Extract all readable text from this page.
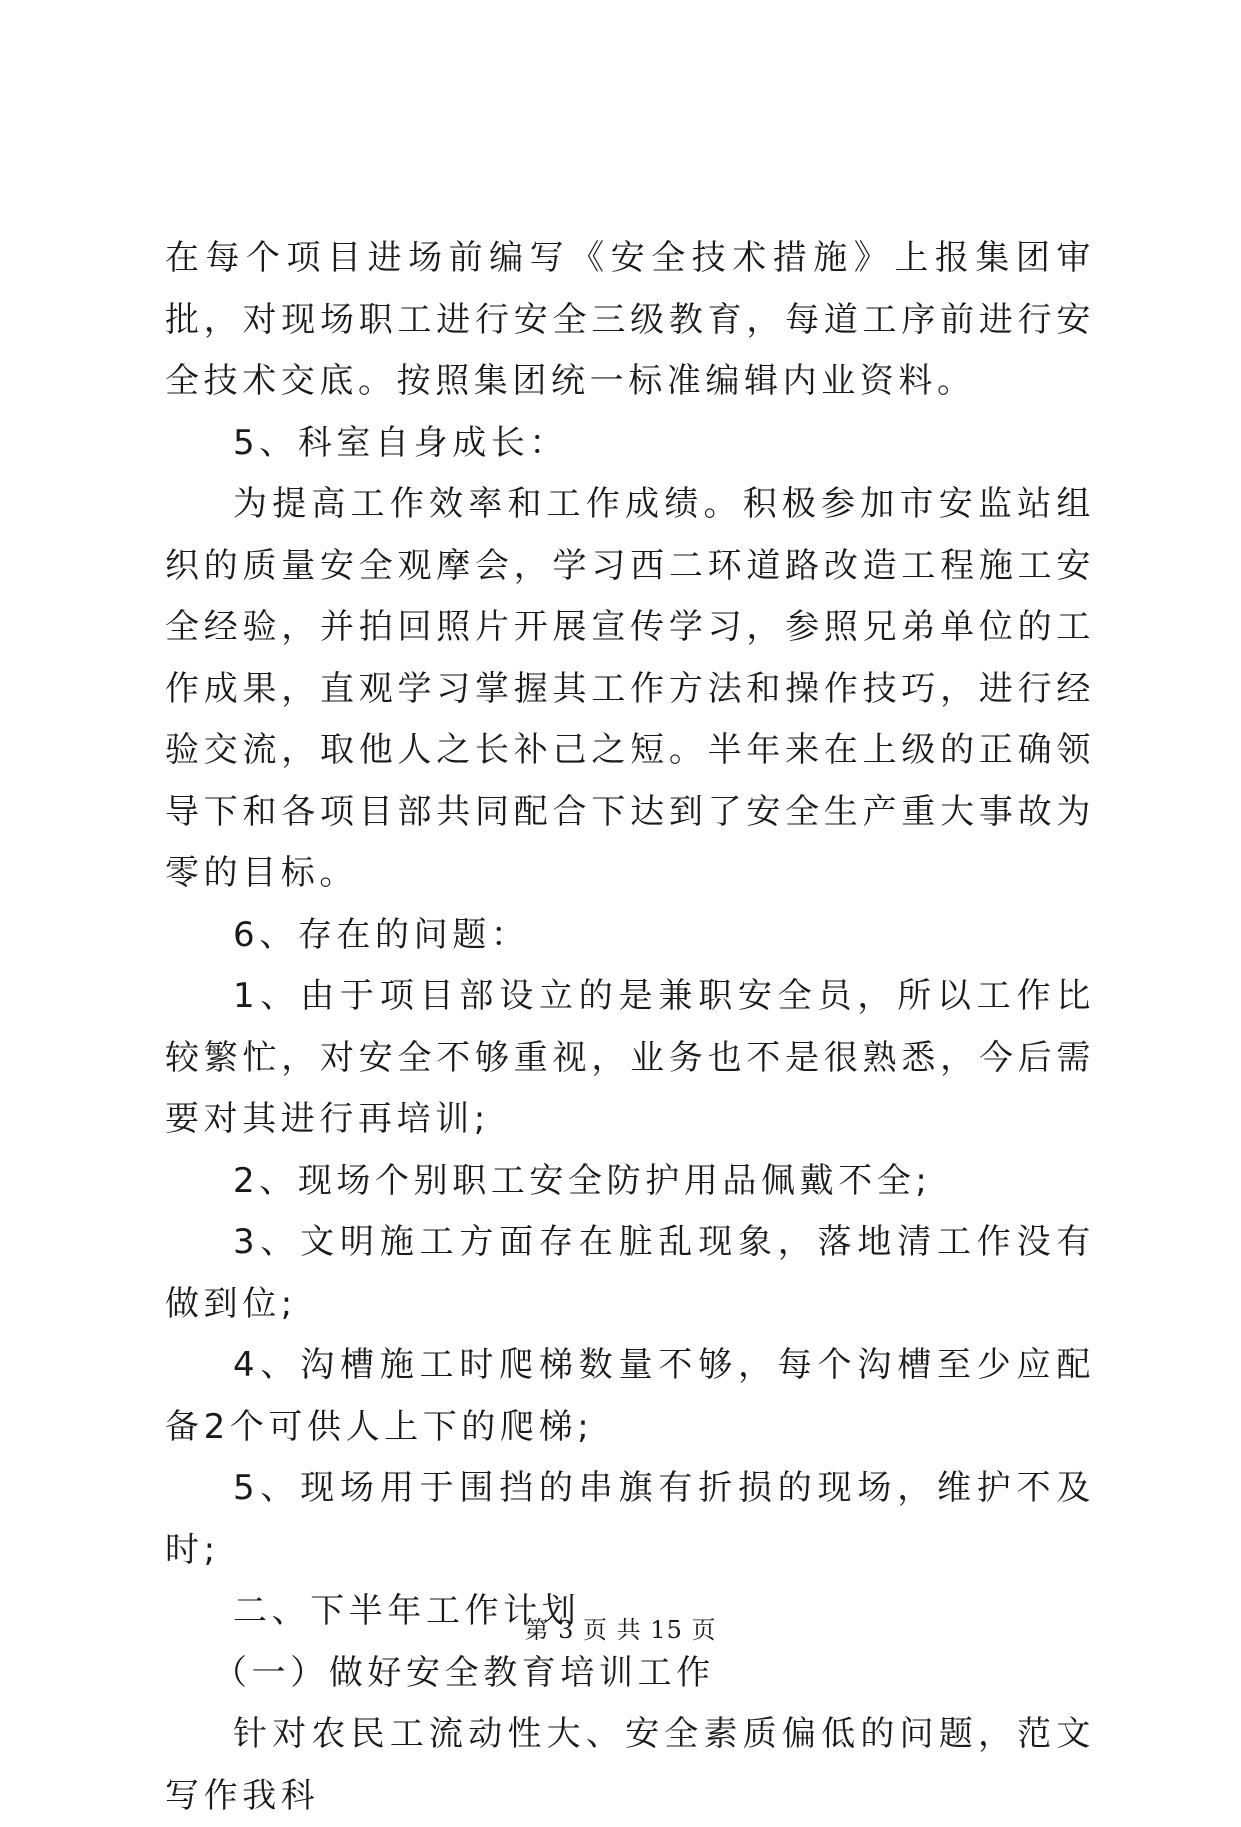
在每个项目进场前编写《安全技术措施》上报集团审批，对现场职工进行安全三级教育，每道工序前进行安全技术交底。按照集团统一标准编辑内业资料。

5、科室自身成长：

为提高工作效率和工作成绩。积极参加市安监站组织的质量安全观摩会，学习西二环道路改造工程施工安全经验，并拍回照片开展宣传学习，参照兄弟单位的工作成果，直观学习掌握其工作方法和操作技巧，进行经验交流，取他人之长补己之短。半年来在上级的正确领导下和各项目部共同配合下达到了安全生产重大事故为零的目标。

6、存在的问题：

1、由于项目部设立的是兼职安全员，所以工作比较繁忙，对安全不够重视，业务也不是很熟悉，今后需要对其进行再培训;

2、现场个别职工安全防护用品佩戴不全;

3、文明施工方面存在脏乱现象，落地清工作没有做到位;

4、沟槽施工时爬梯数量不够，每个沟槽至少应配备2个可供人上下的爬梯;

5、现场用于围挡的串旗有折损的现场，维护不及时;

二、下半年工作计划

（一）做好安全教育培训工作

针对农民工流动性大、安全素质偏低的问题，范文写作我科

第 3 页 共 15 页
